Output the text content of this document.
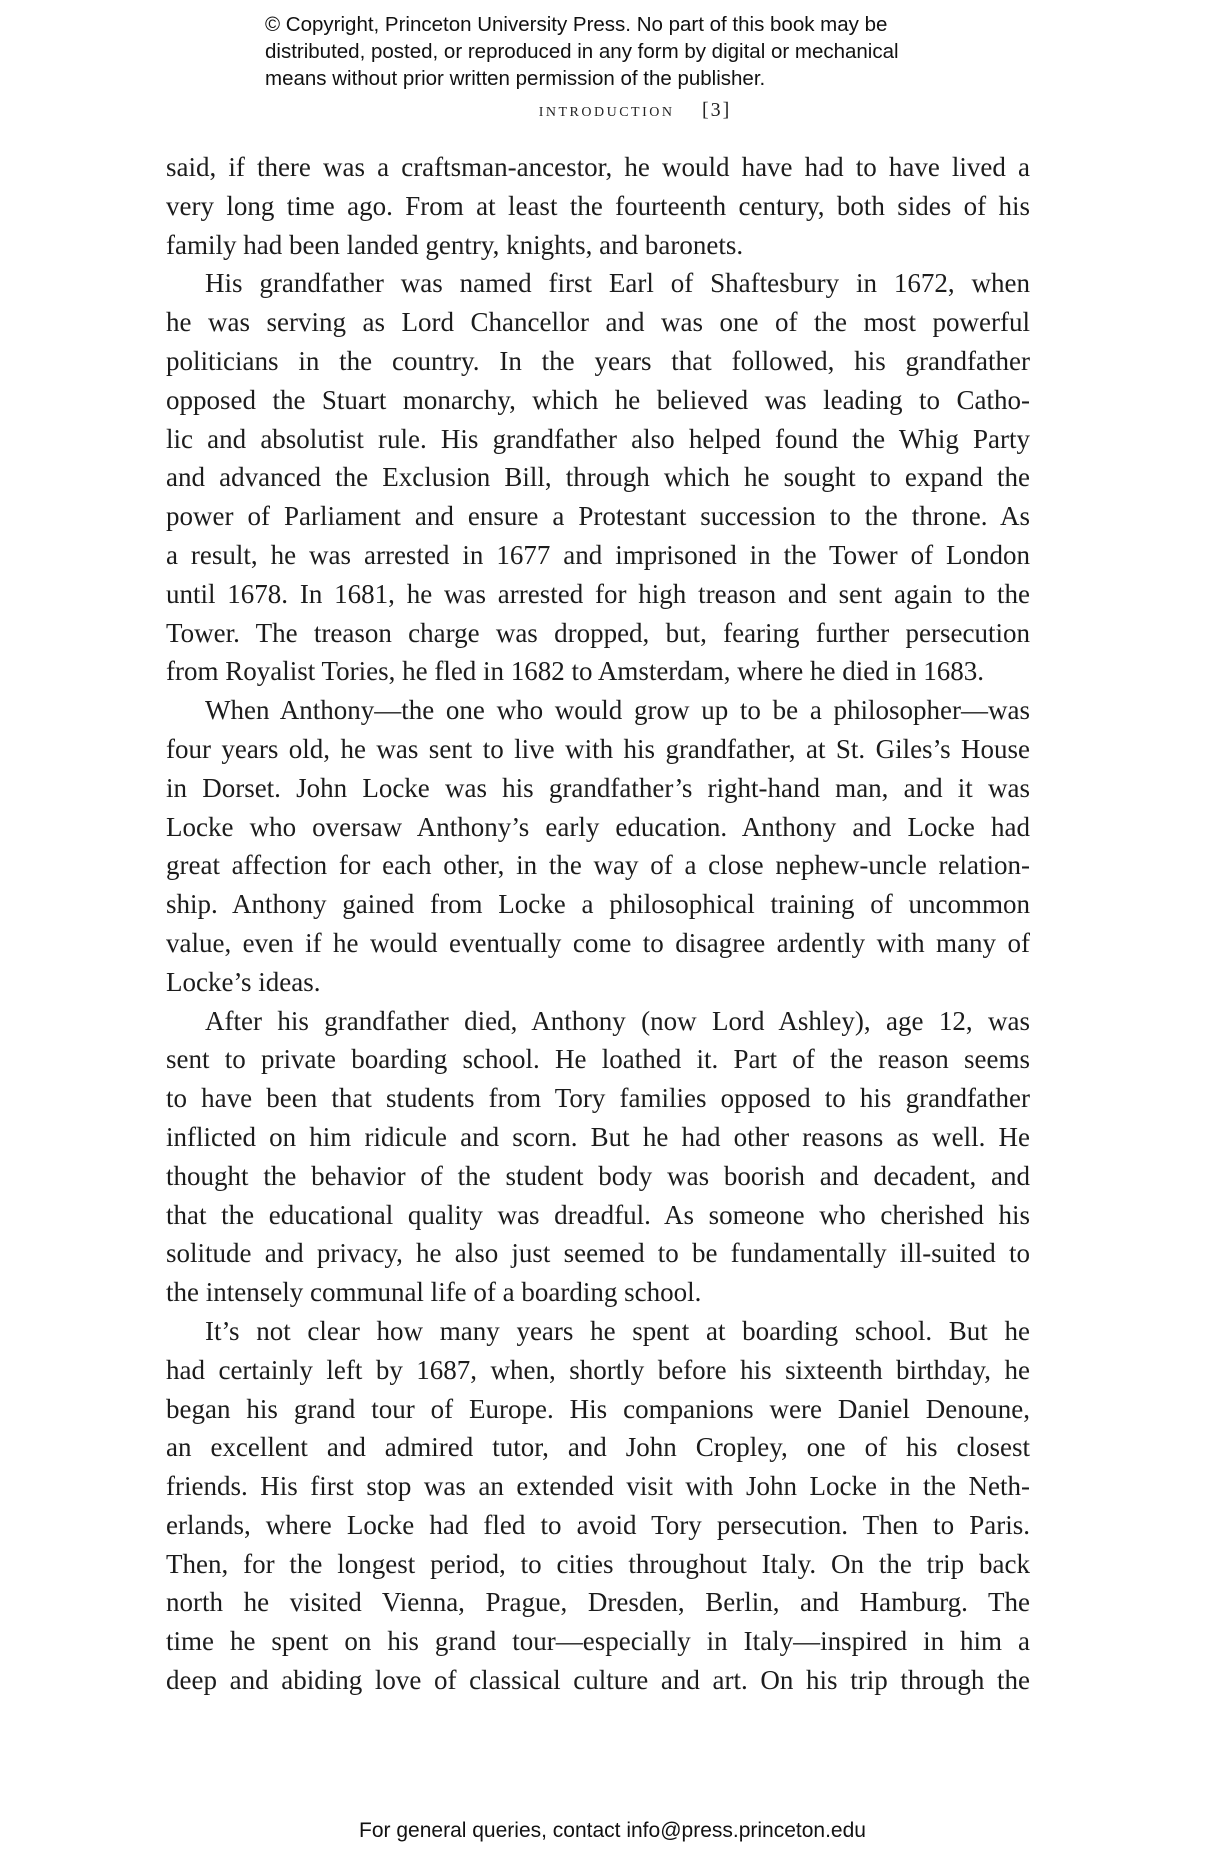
© Copyright, Princeton University Press. No part of this book may be
distributed, posted, or reproduced in any form by digital or mechanical
means without prior written permission of the publisher.
introduction [3]
said, if there was a craftsman-ancestor, he would have had to have lived a
very long time ago. From at least the fourteenth century, both sides of his
family had been landed gentry, knights, and baronets.
His grandfather was named first Earl of Shaftesbury in 1672, when
he was serving as Lord Chancellor and was one of the most powerful
politicians in the country. In the years that followed, his grandfather
opposed the Stuart monarchy, which he believed was leading to Catho-
lic and absolutist rule. His grandfather also helped found the Whig Party
and advanced the Exclusion Bill, through which he sought to expand the
power of Parliament and ensure a Protestant succession to the throne. As
a result, he was arrested in 1677 and imprisoned in the Tower of London
until 1678. In 1681, he was arrested for high treason and sent again to the
Tower. The treason charge was dropped, but, fearing further persecution
from Royalist Tories, he fled in 1682 to Amsterdam, where he died in 1683.
When Anthony—the one who would grow up to be a philosopher—was
four years old, he was sent to live with his grandfather, at St. Giles’s House
in Dorset. John Locke was his grandfather’s right-hand man, and it was
Locke who oversaw Anthony’s early education. Anthony and Locke had
great affection for each other, in the way of a close nephew-uncle relation-
ship. Anthony gained from Locke a philosophical training of uncommon
value, even if he would eventually come to disagree ardently with many of
Locke’s ideas.
After his grandfather died, Anthony (now Lord Ashley), age 12, was
sent to private boarding school. He loathed it. Part of the reason seems
to have been that students from Tory families opposed to his grandfather
inflicted on him ridicule and scorn. But he had other reasons as well. He
thought the behavior of the student body was boorish and decadent, and
that the educational quality was dreadful. As someone who cherished his
solitude and privacy, he also just seemed to be fundamentally ill-suited to
the intensely communal life of a boarding school.
It’s not clear how many years he spent at boarding school. But he
had certainly left by 1687, when, shortly before his sixteenth birthday, he
began his grand tour of Europe. His companions were Daniel Denoune,
an excellent and admired tutor, and John Cropley, one of his closest
friends. His first stop was an extended visit with John Locke in the Neth-
erlands, where Locke had fled to avoid Tory persecution. Then to Paris.
Then, for the longest period, to cities throughout Italy. On the trip back
north he visited Vienna, Prague, Dresden, Berlin, and Hamburg. The
time he spent on his grand tour—especially in Italy—inspired in him a
deep and abiding love of classical culture and art. On his trip through the
For general queries, contact info@press.princeton.edu
